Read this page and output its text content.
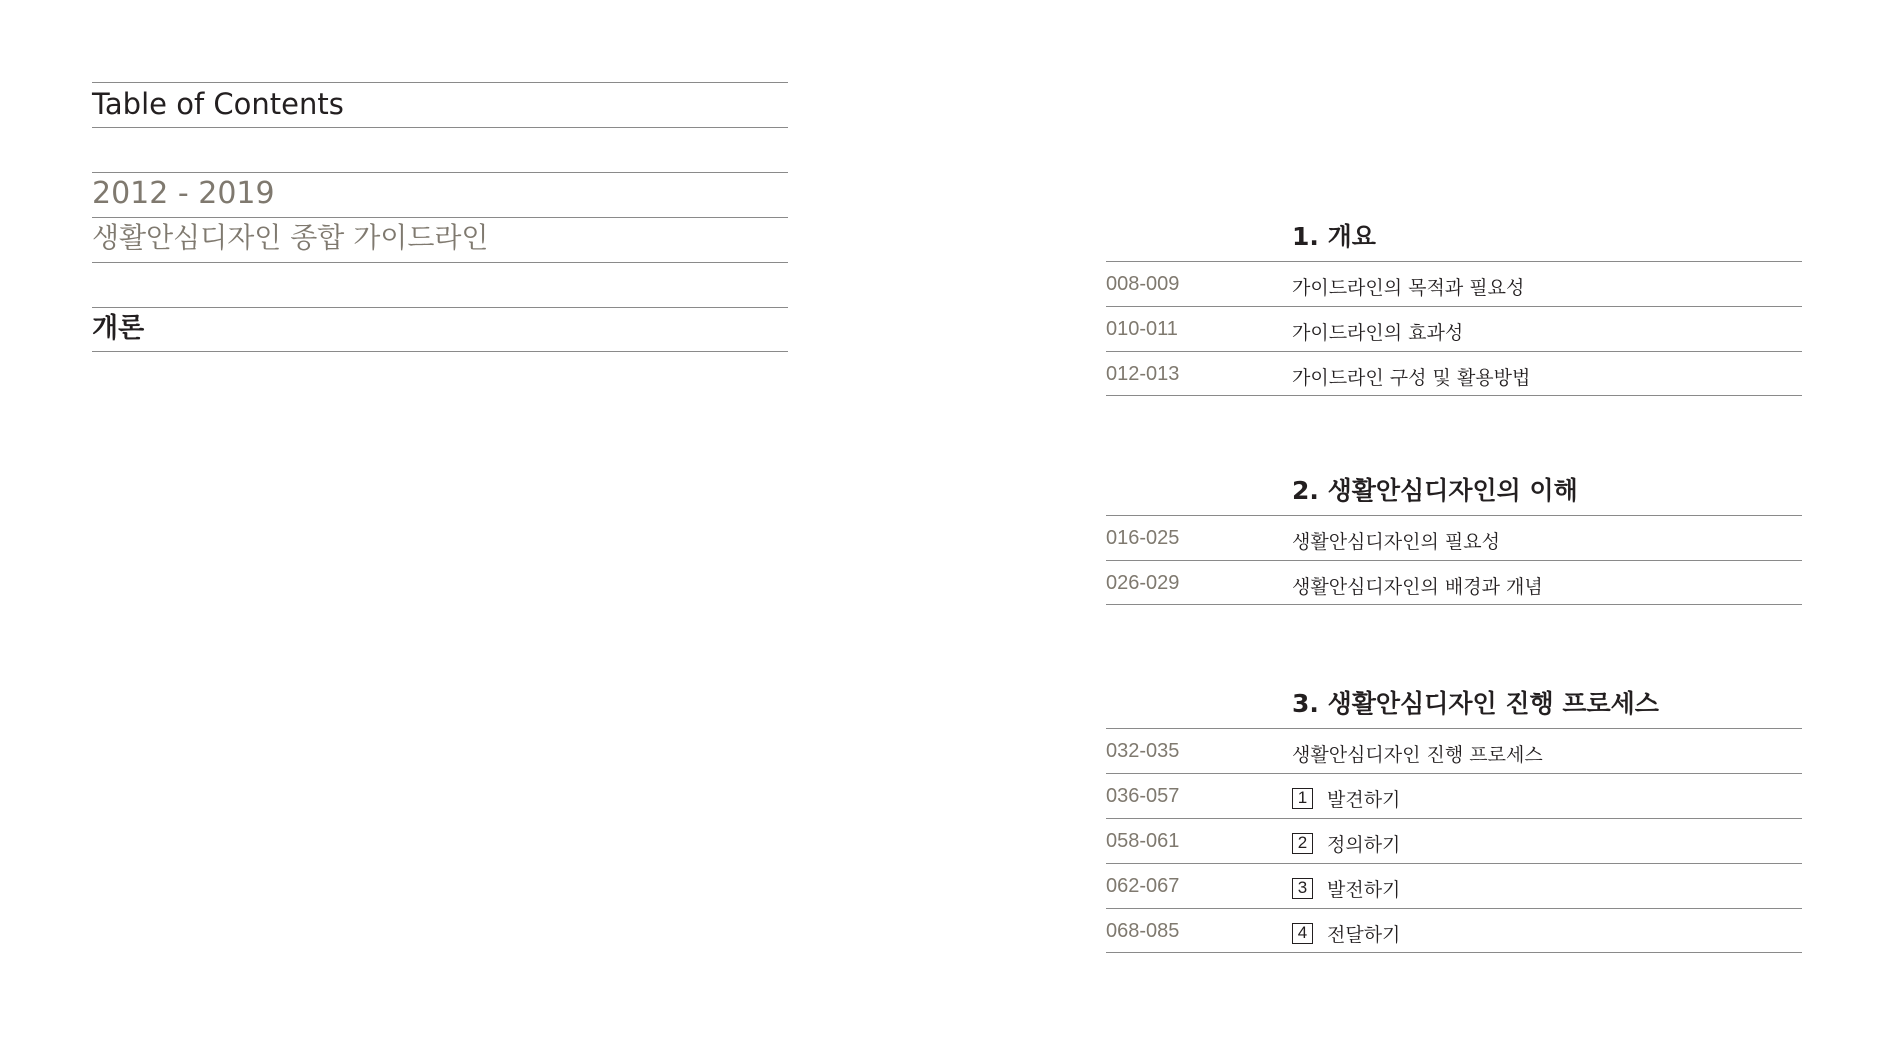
Table of Contents
2012 - 2019
생활안심디자인 종합 가이드라인
개론
1. 개요
008-009	가이드라인의 목적과 필요성
010-011	가이드라인의 효과성
012-013	가이드라인 구성 및 활용방법
2. 생활안심디자인의 이해
016-025	생활안심디자인의 필요성
026-029	생활안심디자인의 배경과 개념
3. 생활안심디자인 진행 프로세스
032-035	생활안심디자인 진행 프로세스
036-057	1	발견하기
058-061	2	정의하기
062-067	3	발전하기
068-085	4	전달하기
